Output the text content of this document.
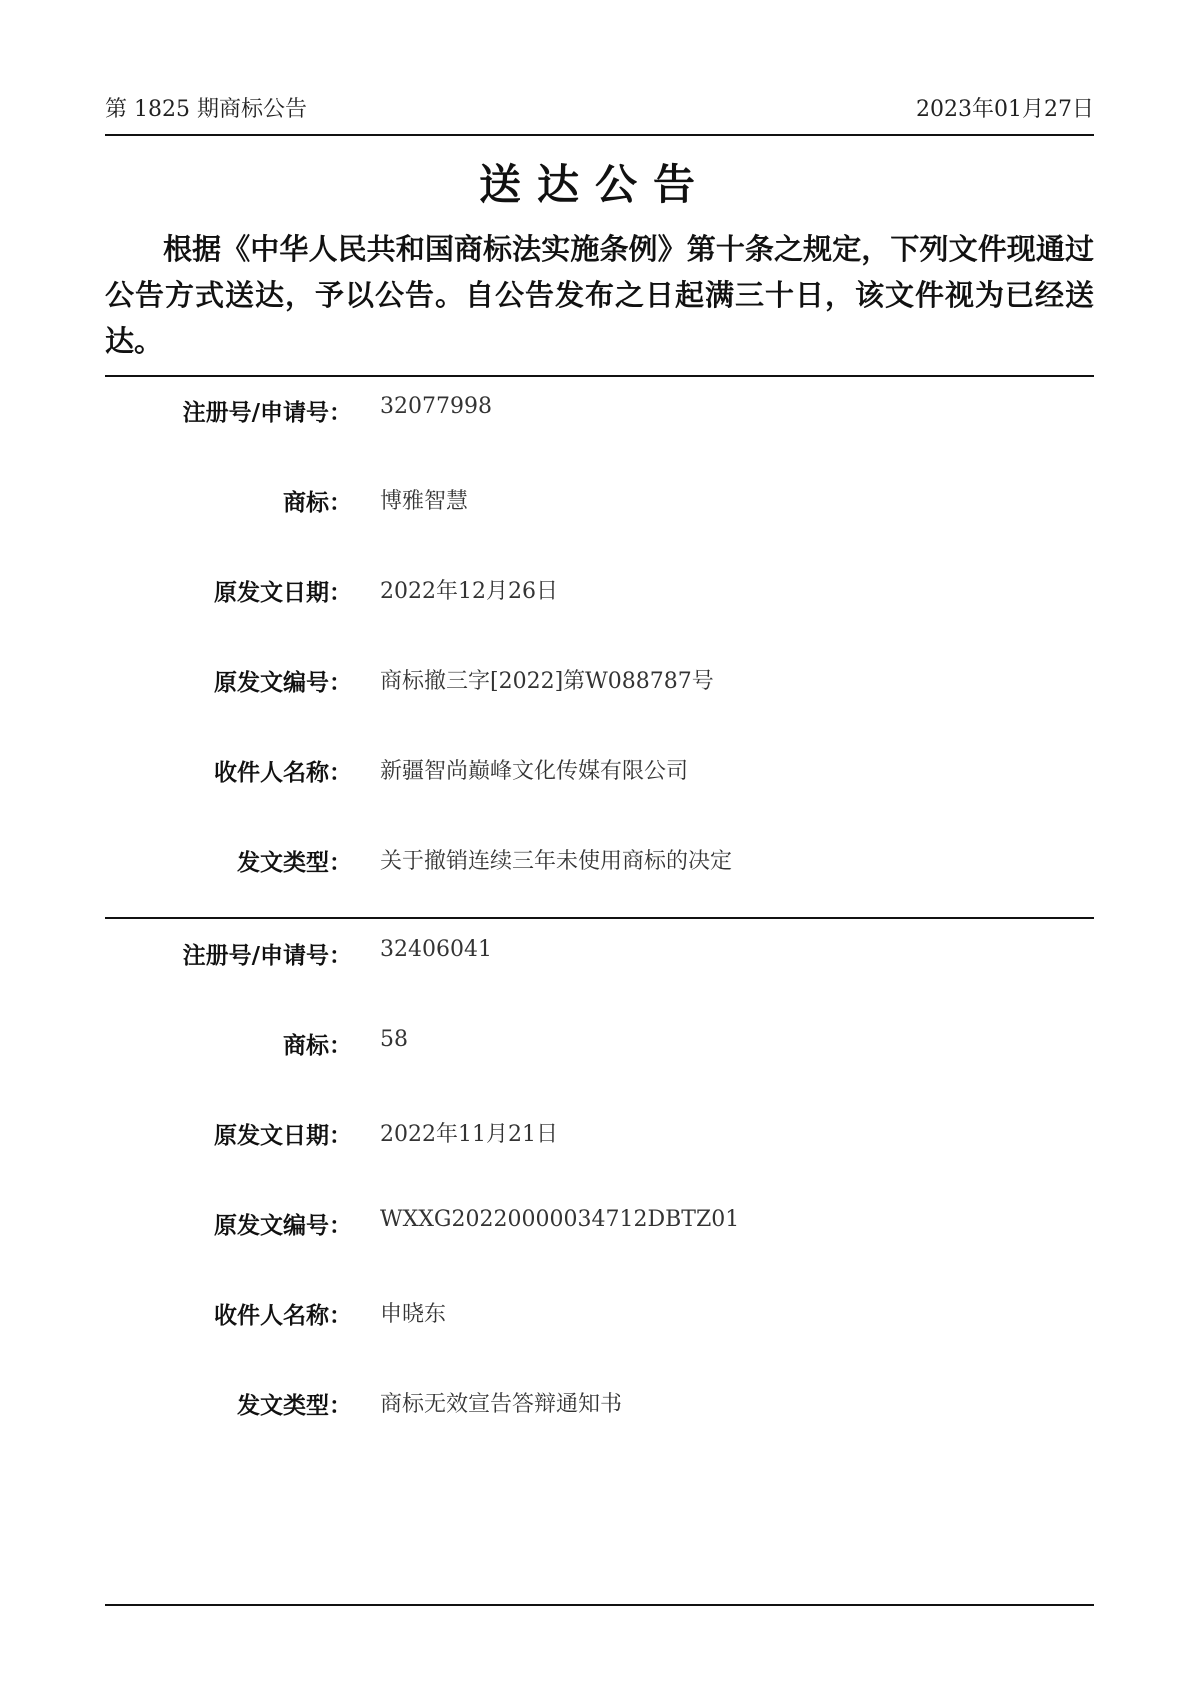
第 1825 期商标公告	2023年01月27日
送达公告
根据《中华人民共和国商标法实施条例》第十条之规定，下列文件现通过公告方式送达，予以公告。自公告发布之日起满三十日，该文件视为已经送达。
注册号/申请号： 32077998
商标： 博雅智慧
原发文日期： 2022年12月26日
原发文编号： 商标撤三字[2022]第W088787号
收件人名称： 新疆智尚巅峰文化传媒有限公司
发文类型： 关于撤销连续三年未使用商标的决定
注册号/申请号： 32406041
商标： 58
原发文日期： 2022年11月21日
原发文编号： WXXG20220000034712DBTZ01
收件人名称： 申晓东
发文类型： 商标无效宣告答辩通知书
